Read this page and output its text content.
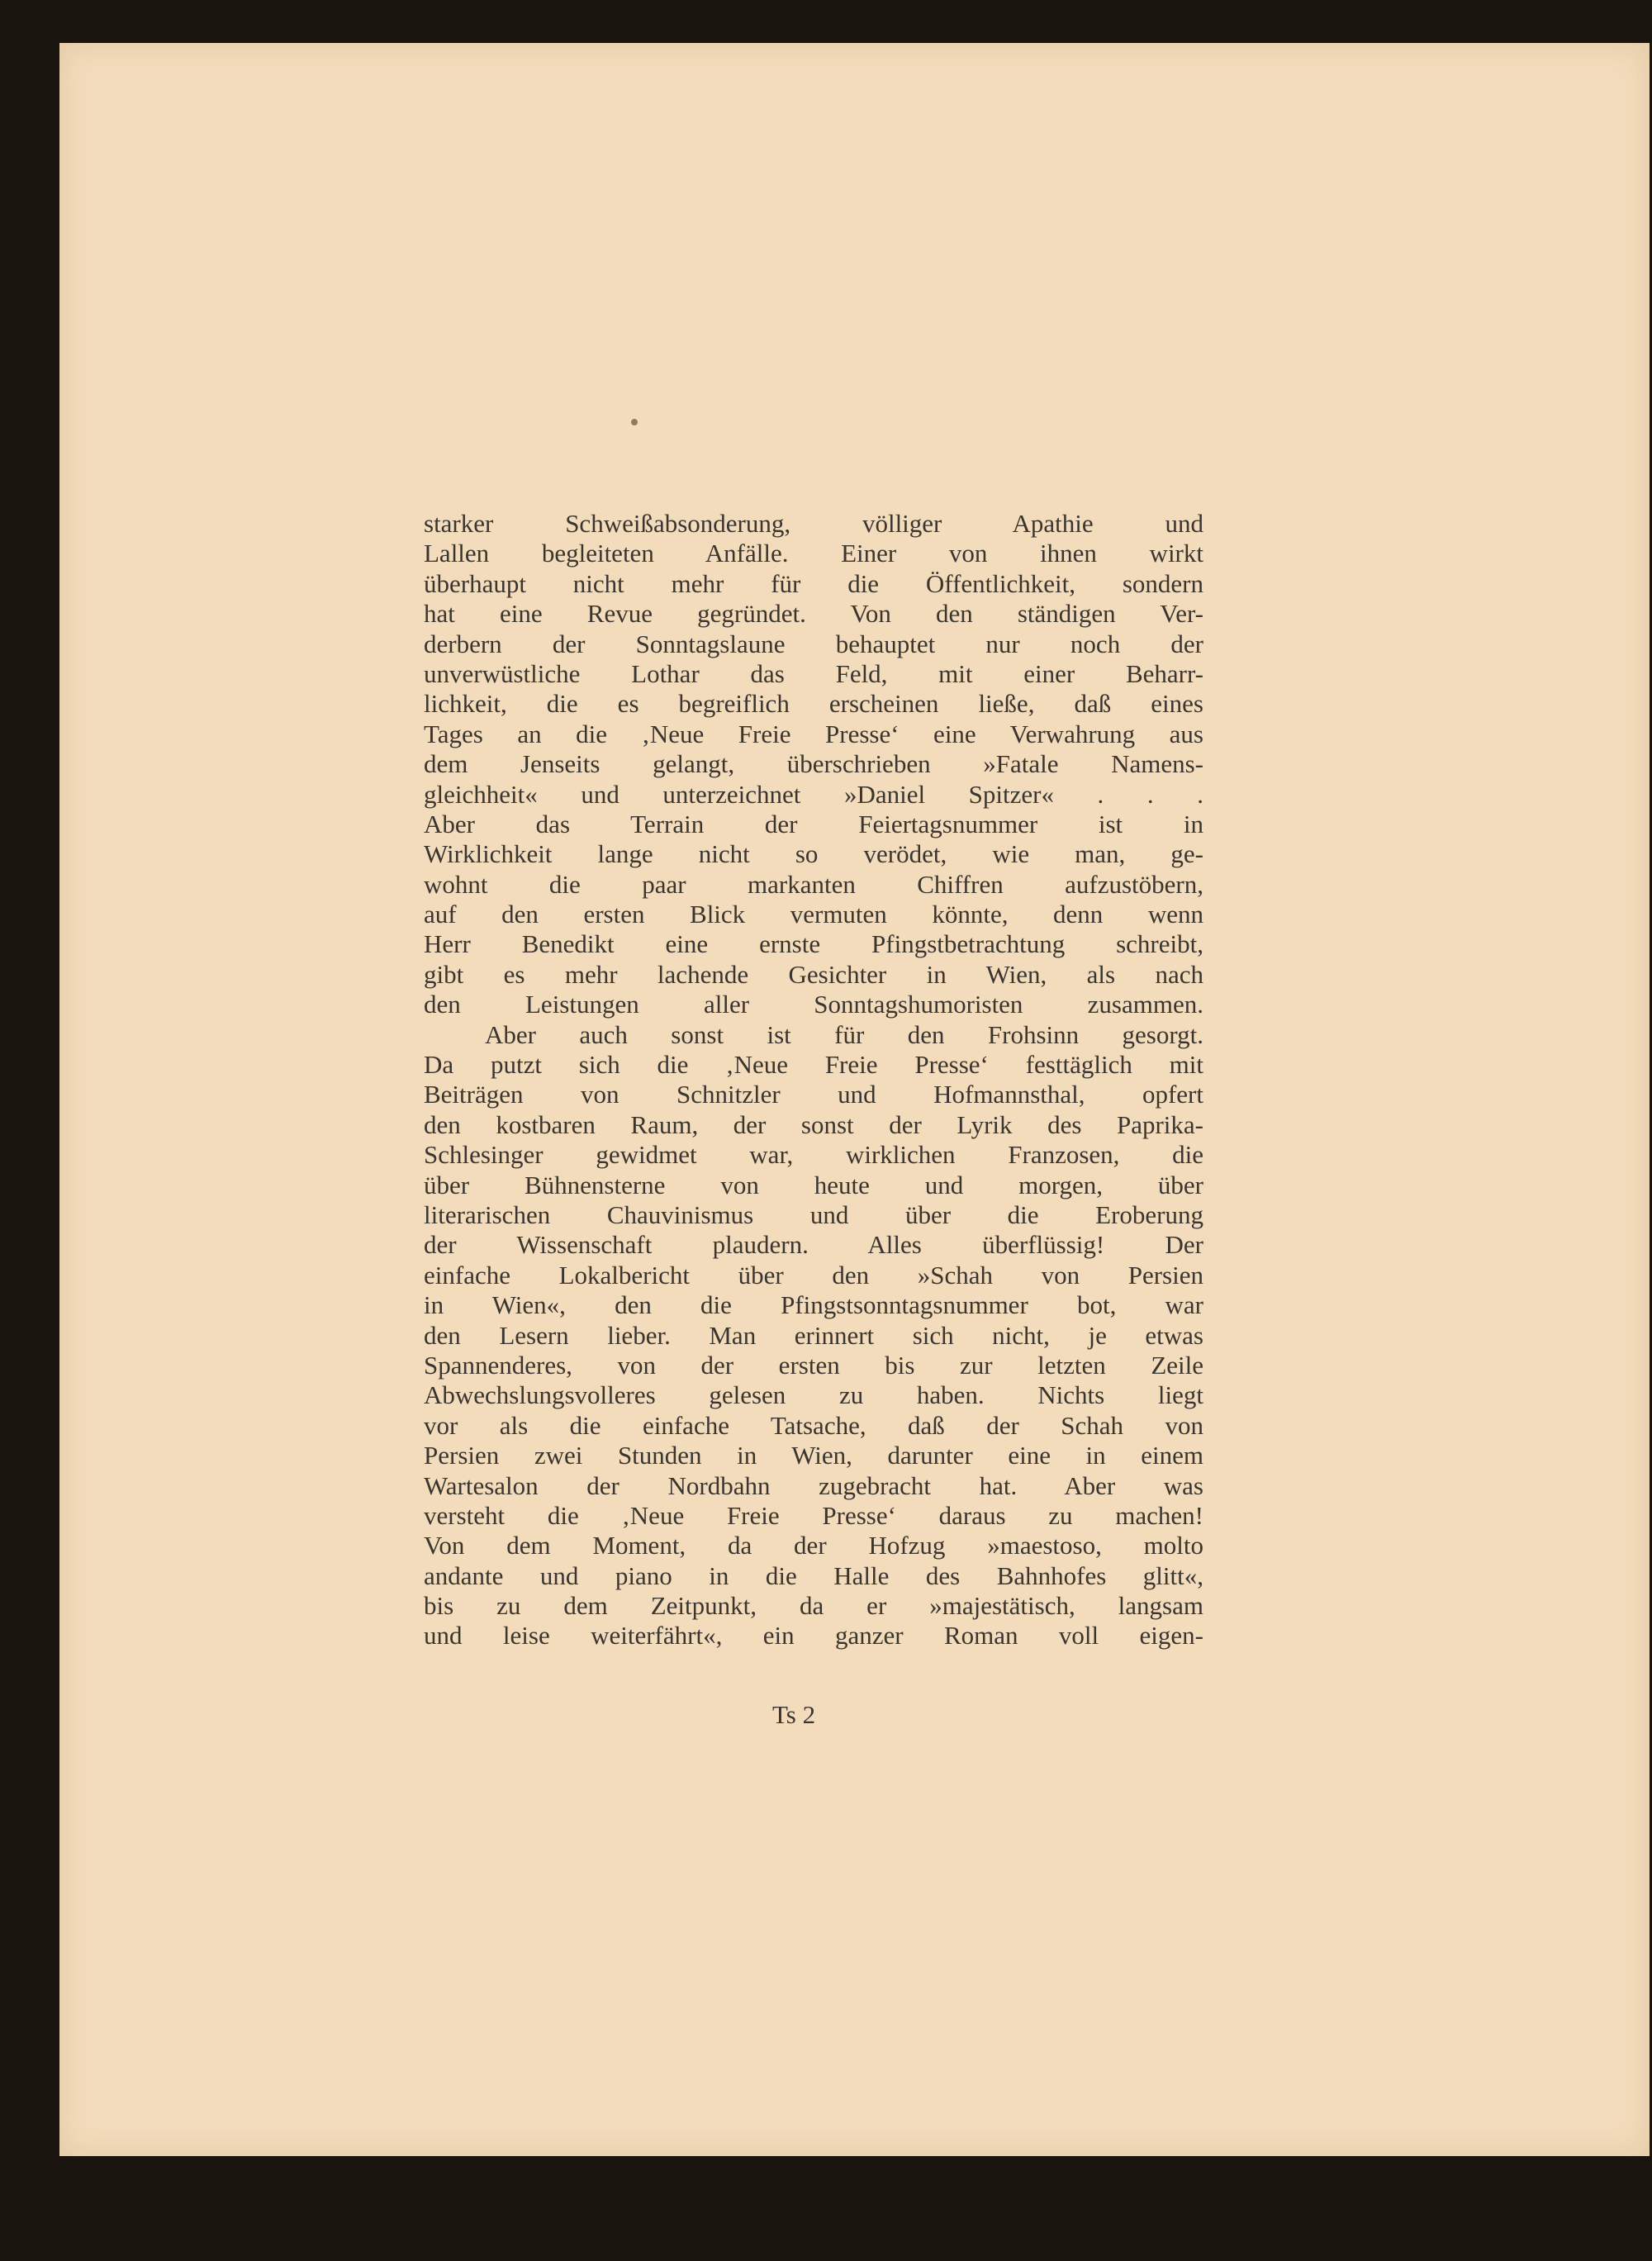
starker Schweißabsonderung, völliger Apathie und
Lallen begleiteten Anfälle. Einer von ihnen wirkt
überhaupt nicht mehr für die Öffentlichkeit, sondern
hat eine Revue gegründet. Von den ständigen Ver-
derbern der Sonntagslaune behauptet nur noch der
unverwüstliche Lothar das Feld, mit einer Beharr-
lichkeit, die es begreiflich erscheinen ließe, daß eines
Tages an die ‚Neue Freie Presse‘ eine Verwahrung aus
dem Jenseits gelangt, überschrieben »Fatale Namens-
gleichheit« und unterzeichnet »Daniel Spitzer« . . .
Aber das Terrain der Feiertagsnummer ist in
Wirklichkeit lange nicht so verödet, wie man, ge-
wohnt die paar markanten Chiffren aufzustöbern,
auf den ersten Blick vermuten könnte, denn wenn
Herr Benedikt eine ernste Pfingstbetrachtung schreibt,
gibt es mehr lachende Gesichter in Wien, als nach
den Leistungen aller Sonntagshumoristen zusammen.
Aber auch sonst ist für den Frohsinn gesorgt.
Da putzt sich die ‚Neue Freie Presse‘ festtäglich mit
Beiträgen von Schnitzler und Hofmannsthal, opfert
den kostbaren Raum, der sonst der Lyrik des Paprika-
Schlesinger gewidmet war, wirklichen Franzosen, die
über Bühnensterne von heute und morgen, über
literarischen Chauvinismus und über die Eroberung
der Wissenschaft plaudern. Alles überflüssig! Der
einfache Lokalbericht über den »Schah von Persien
in Wien«, den die Pfingstsonntagsnummer bot, war
den Lesern lieber. Man erinnert sich nicht, je etwas
Spannenderes, von der ersten bis zur letzten Zeile
Abwechslungsvolleres gelesen zu haben. Nichts liegt
vor als die einfache Tatsache, daß der Schah von
Persien zwei Stunden in Wien, darunter eine in einem
Wartesalon der Nordbahn zugebracht hat. Aber was
versteht die ‚Neue Freie Presse‘ daraus zu machen!
Von dem Moment, da der Hofzug »maestoso, molto
andante und piano in die Halle des Bahnhofes glitt«,
bis zu dem Zeitpunkt, da er »majestätisch, langsam
und leise weiterfährt«, ein ganzer Roman voll eigen-
Ts 2
